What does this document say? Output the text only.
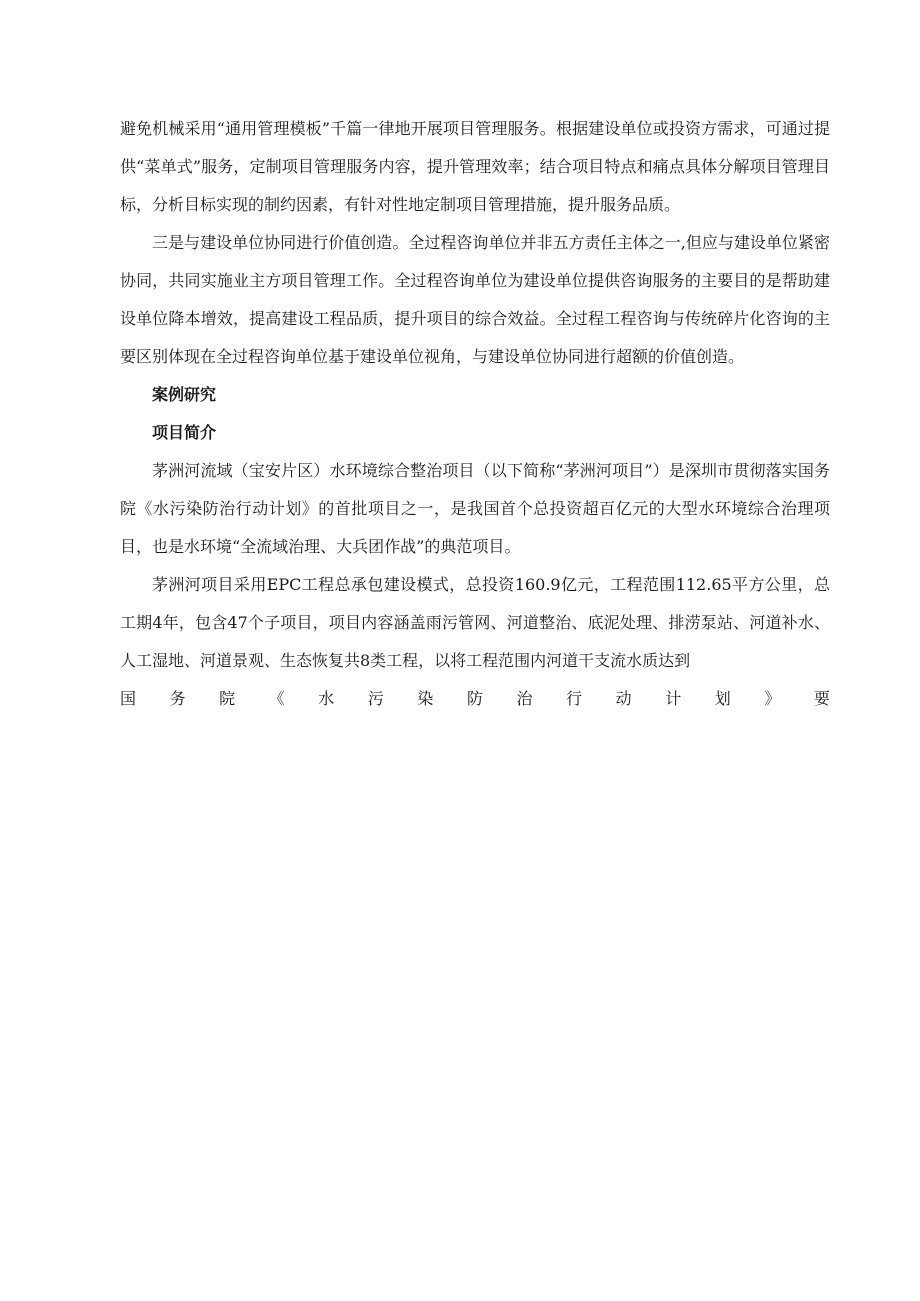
避免机械采用“通用管理模板”千篇一律地开展项目管理服务。根据建设单位或投资方需求，可通过提供“菜单式”服务，定制项目管理服务内容，提升管理效率；结合项目特点和痛点具体分解项目管理目标，分析目标实现的制约因素，有针对性地定制项目管理措施，提升服务品质。

三是与建设单位协同进行价值创造。全过程咨询单位并非五方责任主体之一,但应与建设单位紧密协同，共同实施业主方项目管理工作。全过程咨询单位为建设单位提供咨询服务的主要目的是帮助建设单位降本增效，提高建设工程品质，提升项目的综合效益。全过程工程咨询与传统碎片化咨询的主要区别体现在全过程咨询单位基于建设单位视角，与建设单位协同进行超额的价值创造。

案例研究

项目简介

茅洲河流域（宝安片区）水环境综合整治项目（以下简称“茅洲河项目”）是深圳市贯彻落实国务院《水污染防治行动计划》的首批项目之一，是我国首个总投资超百亿元的大型水环境综合治理项目，也是水环境“全流域治理、大兵团作战”的典范项目。

茅洲河项目采用EPC工程总承包建设模式，总投资160.9亿元，工程范围112.65平方公里，总工期4年，包含47个子项目，项目内容涵盖雨污管网、河道整治、底泥处理、排涝泵站、河道补水、人工湿地、河道景观、生态恢复共8类工程，以将工程范围内河道干支流水质达到

国 务 院 《 水 污 染 防 治 行 动 计 划 》 要
